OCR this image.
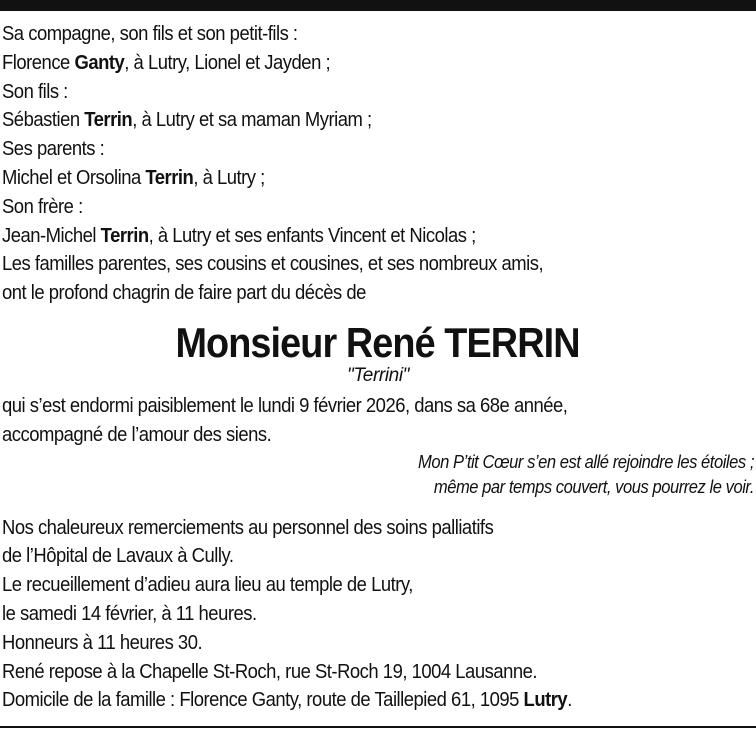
Sa compagne, son fils et son petit-fils :
Florence Ganty, à Lutry, Lionel et Jayden ;
Son fils :
Sébastien Terrin, à Lutry et sa maman Myriam ;
Ses parents :
Michel et Orsolina Terrin, à Lutry ;
Son frère :
Jean-Michel Terrin, à Lutry et ses enfants Vincent et Nicolas ;
Les familles parentes, ses cousins et cousines, et ses nombreux amis,
ont le profond chagrin de faire part du décès de
Monsieur René TERRIN
"Terrini"
qui s’est endormi paisiblement le lundi 9 février 2026, dans sa 68e année,
accompagné de l’amour des siens.
Mon P’tit Cœur s’en est allé rejoindre les étoiles ;
même par temps couvert, vous pourrez le voir.
Nos chaleureux remerciements au personnel des soins palliatifs
de l’Hôpital de Lavaux à Cully.
Le recueillement d’adieu aura lieu au temple de Lutry,
le samedi 14 février, à 11 heures.
Honneurs à 11 heures 30.
René repose à la Chapelle St-Roch, rue St-Roch 19, 1004 Lausanne.
Domicile de la famille : Florence Ganty, route de Taillepied 61, 1095 Lutry.
